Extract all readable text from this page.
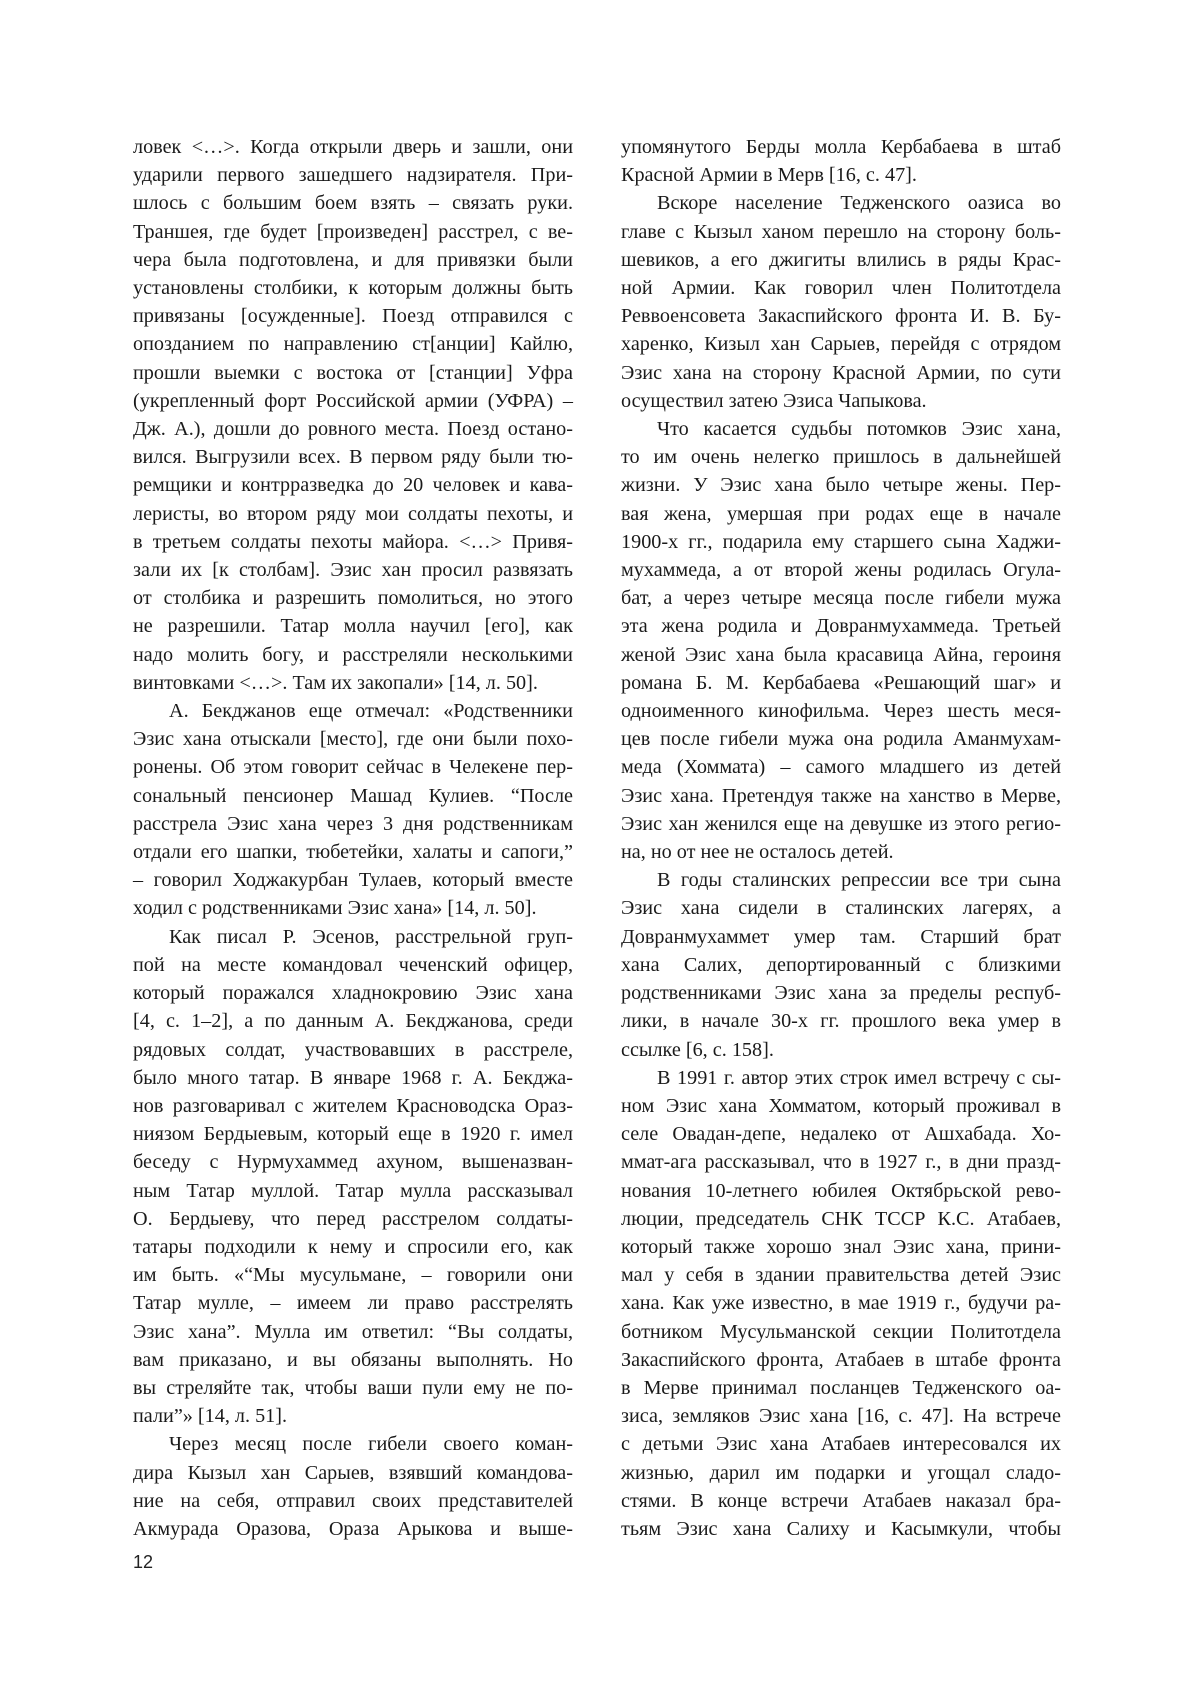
ловек <…>. Когда открыли дверь и зашли, они
ударили первого зашедшего надзирателя. При-
шлось с большим боем взять – связать руки.
Траншея, где будет [произведен] расстрел, с ве-
чера была подготовлена, и для привязки были
установлены столбики, к которым должны быть
привязаны [осужденные]. Поезд отправился с
опозданием по направлению ст[анции] Кайлю,
прошли выемки с востока от [станции] Уфра
(укрепленный форт Российской армии (УФРА) –
Дж. А.), дошли до ровного места. Поезд остано-
вился. Выгрузили всех. В первом ряду были тю-
ремщики и контрразведка до 20 человек и кава-
леристы, во втором ряду мои солдаты пехоты, и
в третьем солдаты пехоты майора. <…> Привя-
зали их [к столбам]. Эзис хан просил развязать
от столбика и разрешить помолиться, но этого
не разрешили. Татар молла научил [его], как
надо молить богу, и расстреляли несколькими
винтовками <…>. Там их закопали» [14, л. 50].
А. Бекджанов еще отмечал: «Родственники
Эзис хана отыскали [место], где они были похо-
ронены. Об этом говорит сейчас в Челекене пер-
сональный пенсионер Машад Кулиев. “После
расстрела Эзис хана через 3 дня родственникам
отдали его шапки, тюбетейки, халаты и сапоги,”
– говорил Ходжакурбан Тулаев, который вместе
ходил с родственниками Эзис хана» [14, л. 50].
Как писал Р. Эсенов, расстрельной груп-
пой на месте командовал чеченский офицер,
который поражался хладнокровию Эзис хана
[4, с. 1–2], а по данным А. Бекджанова, среди
рядовых солдат, участвовавших в расстреле,
было много татар. В январе 1968 г. А. Бекджа-
нов разговаривал с жителем Красноводска Ораз-
ниязом Бердыевым, который еще в 1920 г. имел
беседу с Нурмухаммед ахуном, вышеназван-
ным Татар муллой. Татар мулла рассказывал
О. Бердыеву, что перед расстрелом солдаты-
татары подходили к нему и спросили его, как
им быть. «“Мы мусульмане, – говорили они
Татар мулле, – имеем ли право расстрелять
Эзис хана”. Мулла им ответил: “Вы солдаты,
вам приказано, и вы обязаны выполнять. Но
вы стреляйте так, чтобы ваши пули ему не по-
пали”» [14, л. 51].
Через месяц после гибели своего коман-
дира Кызыл хан Сарыев, взявший командова-
ние на себя, отправил своих представителей
Акмурада Оразова, Ораза Арыкова и выше-
упомянутого Берды молла Кербабаева в штаб
Красной Армии в Мерв [16, с. 47].
Вскоре население Тедженского оазиса во
главе с Кызыл ханом перешло на сторону боль-
шевиков, а его джигиты влились в ряды Крас-
ной Армии. Как говорил член Политотдела
Реввоенсовета Закаспийского фронта И. В. Бу-
харенко, Кизыл хан Сарыев, перейдя с отрядом
Эзис хана на сторону Красной Армии, по сути
осуществил затею Эзиса Чапыкова.
Что касается судьбы потомков Эзис хана,
то им очень нелегко пришлось в дальнейшей
жизни. У Эзис хана было четыре жены. Пер-
вая жена, умершая при родах еще в начале
1900-х гг., подарила ему старшего сына Хаджи-
мухаммеда, а от второй жены родилась Огула-
бат, а через четыре месяца после гибели мужа
эта жена родила и Довранмухаммеда. Третьей
женой Эзис хана была красавица Айна, героиня
романа Б. М. Кербабаева «Решающий шаг» и
одноименного кинофильма. Через шесть меся-
цев после гибели мужа она родила Аманмухам-
меда (Хоммата) – самого младшего из детей
Эзис хана. Претендуя также на ханство в Мерве,
Эзис хан женился еще на девушке из этого регио-
на, но от нее не осталось детей.
В годы сталинских репрессии все три сына
Эзис хана сидели в сталинских лагерях, а
Довранмухаммет умер там. Старший брат
хана Салих, депортированный с близкими
родственниками Эзис хана за пределы респуб-
лики, в начале 30-х гг. прошлого века умер в
ссылке [6, с. 158].
В 1991 г. автор этих строк имел встречу с сы-
ном Эзис хана Хомматом, который проживал в
селе Овадан-депе, недалеко от Ашхабада. Хо-
ммат-ага рассказывал, что в 1927 г., в дни празд-
нования 10-летнего юбилея Октябрьской рево-
люции, председатель СНК ТССР К.С. Атабаев,
который также хорошо знал Эзис хана, прини-
мал у себя в здании правительства детей Эзис
хана. Как уже известно, в мае 1919 г., будучи ра-
ботником Мусульманской секции Политотдела
Закаспийского фронта, Атабаев в штабе фронта
в Мерве принимал посланцев Тедженского оа-
зиса, земляков Эзис хана [16, с. 47]. На встрече
с детьми Эзис хана Атабаев интересовался их
жизнью, дарил им подарки и угощал сладо-
стями. В конце встречи Атабаев наказал бра-
тьям Эзис хана Салиху и Касымкули, чтобы
12
